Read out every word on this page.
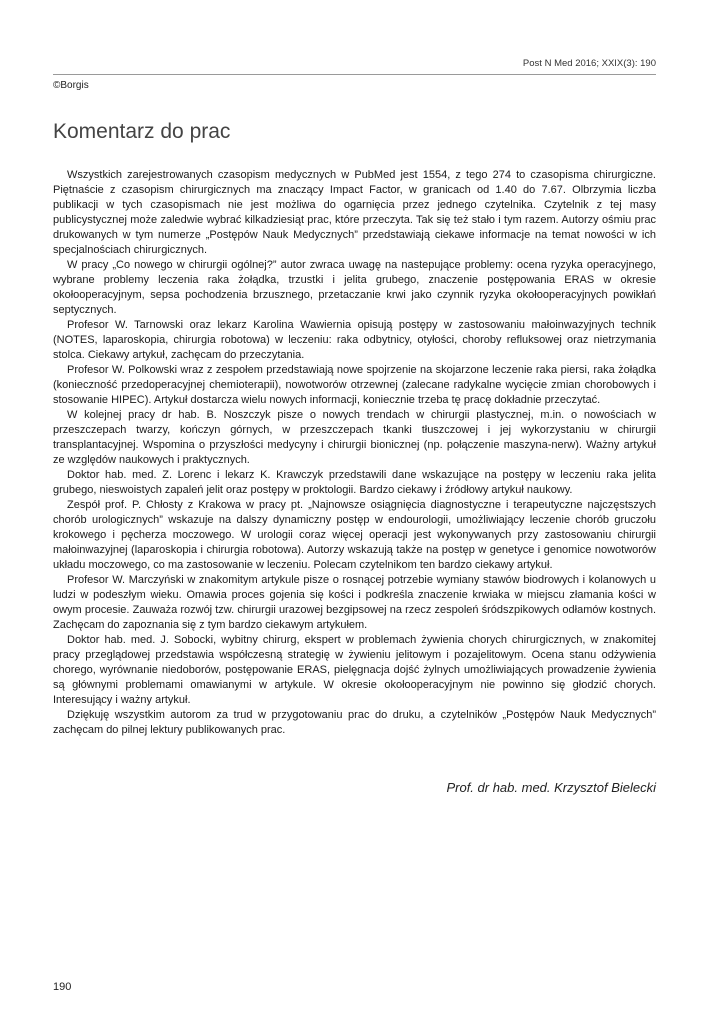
Post N Med 2016; XXIX(3): 190
©Borgis
Komentarz do prac

Wszystkich zarejestrowanych czasopism medycznych w PubMed jest 1554, z tego 274 to czasopisma chirurgiczne. Piętnaście z czasopism chirurgicznych ma znaczący Impact Factor, w granicach od 1.40 do 7.67. Olbrzymia liczba publikacji w tych czasopismach nie jest możliwa do ogarnięcia przez jednego czytelnika. Czytelnik z tej masy publicystycznej może zaledwie wybrać kilkadziesiąt prac, które przeczyta. Tak się też stało i tym razem. Autorzy ośmiu prac drukowanych w tym numerze „Postępów Nauk Medycznych” przedstawiają ciekawe informacje na temat nowości w ich specjalnościach chirurgicznych.

W pracy „Co nowego w chirurgii ogólnej?” autor zwraca uwagę na nastepujące problemy: ocena ryzyka operacyjnego, wybrane problemy leczenia raka żołądka, trzustki i jelita grubego, znaczenie postępowania ERAS w okresie okołooperacyjnym, sepsa pochodzenia brzusznego, przetaczanie krwi jako czynnik ryzyka okołooperacyjnych powikłań septycznych.

Profesor W. Tarnowski oraz lekarz Karolina Wawiernia opisują postępy w zastosowaniu małoinwazyjnych technik (NOTES, laparoskopia, chirurgia robotowa) w leczeniu: raka odbytnicy, otyłości, choroby refluksowej oraz nietrzymania stolca. Ciekawy artykuł, zachęcam do przeczytania.

Profesor W. Polkowski wraz z zespołem przedstawiają nowe spojrzenie na skojarzone leczenie raka piersi, raka żołądka (konieczność przedoperacyjnej chemioterapii), nowotworów otrzewnej (zalecane radykalne wycięcie zmian chorobowych i stosowanie HIPEC). Artykuł dostarcza wielu nowych informacji, koniecznie trzeba tę pracę dokładnie przeczytać.

W kolejnej pracy dr hab. B. Noszczyk pisze o nowych trendach w chirurgii plastycznej, m.in. o nowościach w przeszczepach twarzy, kończyn górnych, w przeszczepach tkanki tłuszczowej i jej wykorzystaniu w chirurgii transplantacyjnej. Wspomina o przyszłości medycyny i chirurgii bionicznej (np. połączenie maszyna-nerw). Ważny artykuł ze względów naukowych i praktycznych.

Doktor hab. med. Z. Lorenc i lekarz K. Krawczyk przedstawili dane wskazujące na postępy w leczeniu raka jelita grubego, nieswoistych zapaleń jelit oraz postępy w proktologii. Bardzo ciekawy i źródłowy artykuł naukowy.

Zespół prof. P. Chłosty z Krakowa w pracy pt. „Najnowsze osiągnięcia diagnostyczne i terapeutyczne najczęstszych chorób urologicznych” wskazuje na dalszy dynamiczny postęp w endourologii, umożliwiający leczenie chorób gruczołu krokowego i pęcherza moczowego. W urologii coraz więcej operacji jest wykonywanych przy zastosowaniu chirurgii małoinwazyjnej (laparoskopia i chirurgia robotowa). Autorzy wskazują także na postęp w genetyce i genomice nowotworów układu moczowego, co ma zastosowanie w leczeniu. Polecam czytelnikom ten bardzo ciekawy artykuł.

Profesor W. Marczyński w znakomitym artykule pisze o rosnącej potrzebie wymiany stawów biodrowych i kolanowych u ludzi w podeszłym wieku. Omawia proces gojenia się kości i podkreśla znaczenie krwiaka w miejscu złamania kości w owym procesie. Zauważa rozwój tzw. chirurgii urazowej bezgipsowej na rzecz zespoleń śródszpikowych odłamów kostnych. Zachęcam do zapoznania się z tym bardzo ciekawym artykułem.

Doktor hab. med. J. Sobocki, wybitny chirurg, ekspert w problemach żywienia chorych chirurgicznych, w znakomitej pracy przeglądowej przedstawia współczesną strategię w żywieniu jelitowym i pozajelitowym. Ocena stanu odżywienia chorego, wyrównanie niedoborów, postępowanie ERAS, pielęgnacja dojść żylnych umożliwiających prowadzenie żywienia są głównymi problemami omawianymi w artykule. W okresie okołooperacyjnym nie powinno się głodzić chorych. Interesujący i ważny artykuł.

Dziękuję wszystkim autorom za trud w przygotowaniu prac do druku, a czytelników „Postępów Nauk Medycznych” zachęcam do pilnej lektury publikowanych prac.

Prof. dr hab. med. Krzysztof Bielecki
190
